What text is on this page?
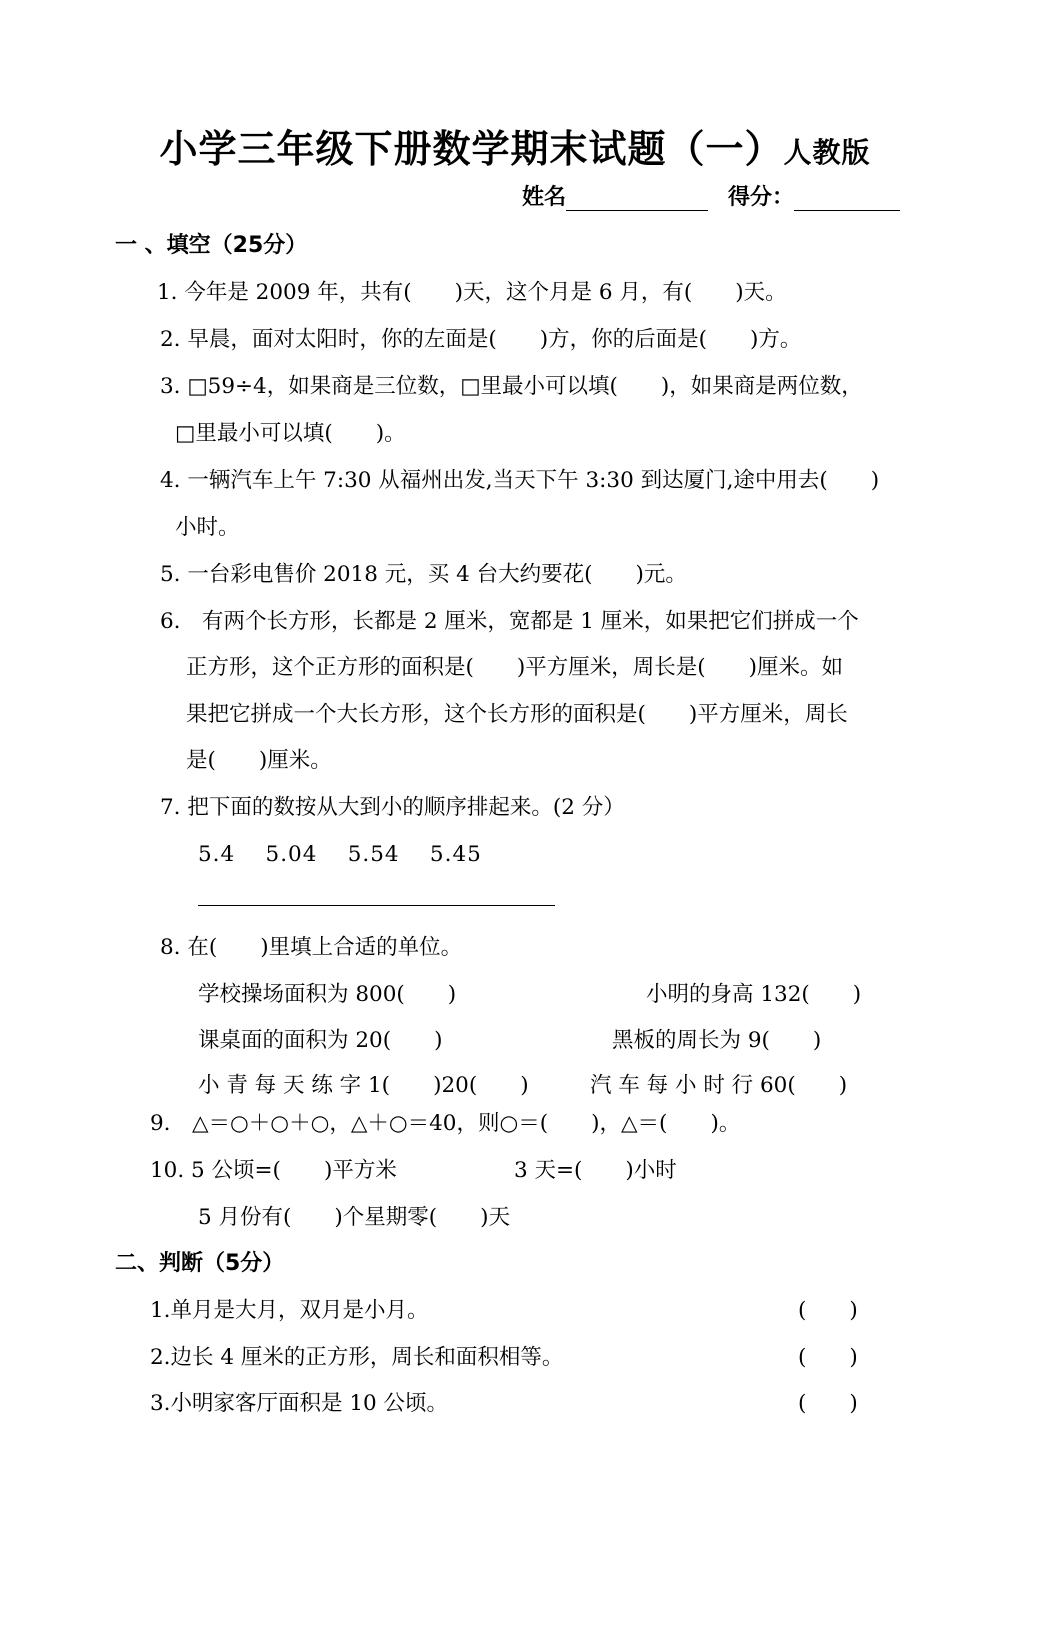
小学三年级下册数学期末试题（一）人教版
姓名	得分：
一 、填空（25分）
1. 今年是 2009 年，共有(　　)天，这个月是 6 月，有(　　)天。
2. 早晨，面对太阳时，你的左面是(　　)方，你的后面是(　　)方。
3. □59÷4，如果商是三位数，□里最小可以填(　　)，如果商是两位数，
□里最小可以填(　　)。
4. 一辆汽车上午 7:30 从福州出发,当天下午 3:30 到达厦门,途中用去(　　)
小时。
5. 一台彩电售价 2018 元，买 4 台大约要花(　　)元。
6.　有两个长方形，长都是 2 厘米，宽都是 1 厘米，如果把它们拼成一个
正方形，这个正方形的面积是(　　)平方厘米，周长是(　　)厘米。如
果把它拼成一个大长方形，这个长方形的面积是(　　)平方厘米，周长
是(　　)厘米。
7. 把下面的数按从大到小的顺序排起来。(2 分）
5.4　 5.04　 5.54　 5.45
8. 在(　　)里填上合适的单位。
学校操场面积为 800(　　)	小明的身高 132(　　)
课桌面的面积为 20(　　)	黑板的周长为 9(　　)
小 青 每 天 练 字 1(　　)20(　　)	汽 车 每 小 时 行 60(　　)
9.　△＝○＋○＋○，△＋○＝40，则○＝(　　)，△＝(　　)。
10. 5 公顷=(　　)平方米	3 天=(　　)小时
5 月份有(　　)个星期零(　　)天
二、判断（5分）
1.单月是大月，双月是小月。	(　　)
2.边长 4 厘米的正方形，周长和面积相等。	(　　)
3.小明家客厅面积是 10 公顷。	(　　)
